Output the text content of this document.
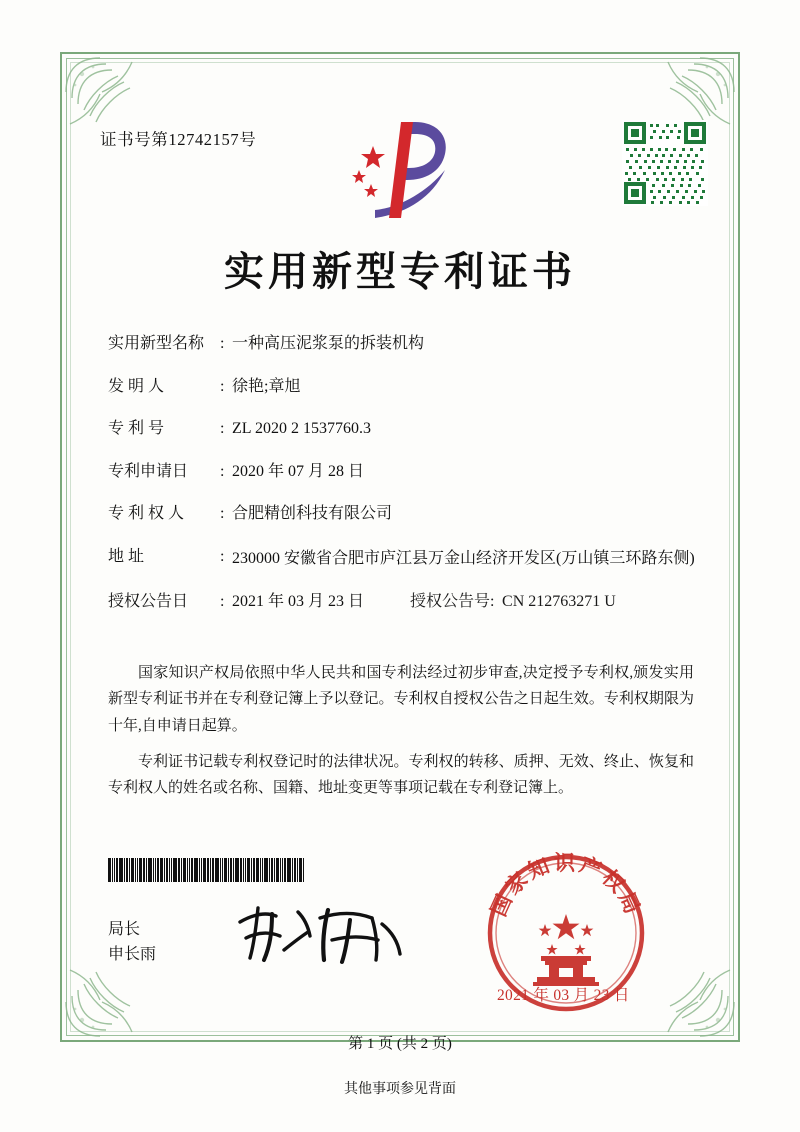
证书号第12742157号
实用新型专利证书
实用新型名称 : 一种高压泥浆泵的拆装机构
发 明 人	: 徐艳;章旭
专 利 号	: ZL 2020 2 1537760.3
专利申请日	: 2020 年 07 月 28 日
专 利 权 人	: 合肥精创科技有限公司
地 址	: 230000 安徽省合肥市庐江县万金山经济开发区(万山镇三环路东侧)
授权公告日	: 2021 年 03 月 23 日	授权公告号 : CN 212763271 U

国家知识产权局依照中华人民共和国专利法经过初步审查,决定授予专利权,颁发实用新型专利证书并在专利登记簿上予以登记。专利权自授权公告之日起生效。专利权期限为十年,自申请日起算。

专利证书记载专利权登记时的法律状况。专利权的转移、质押、无效、终止、恢复和专利权人的姓名或名称、国籍、地址变更等事项记载在专利登记簿上。

局长
申长雨
国家知识产权局
2021 年 03 月 23 日
第 1 页 (共 2 页)
其他事项参见背面
